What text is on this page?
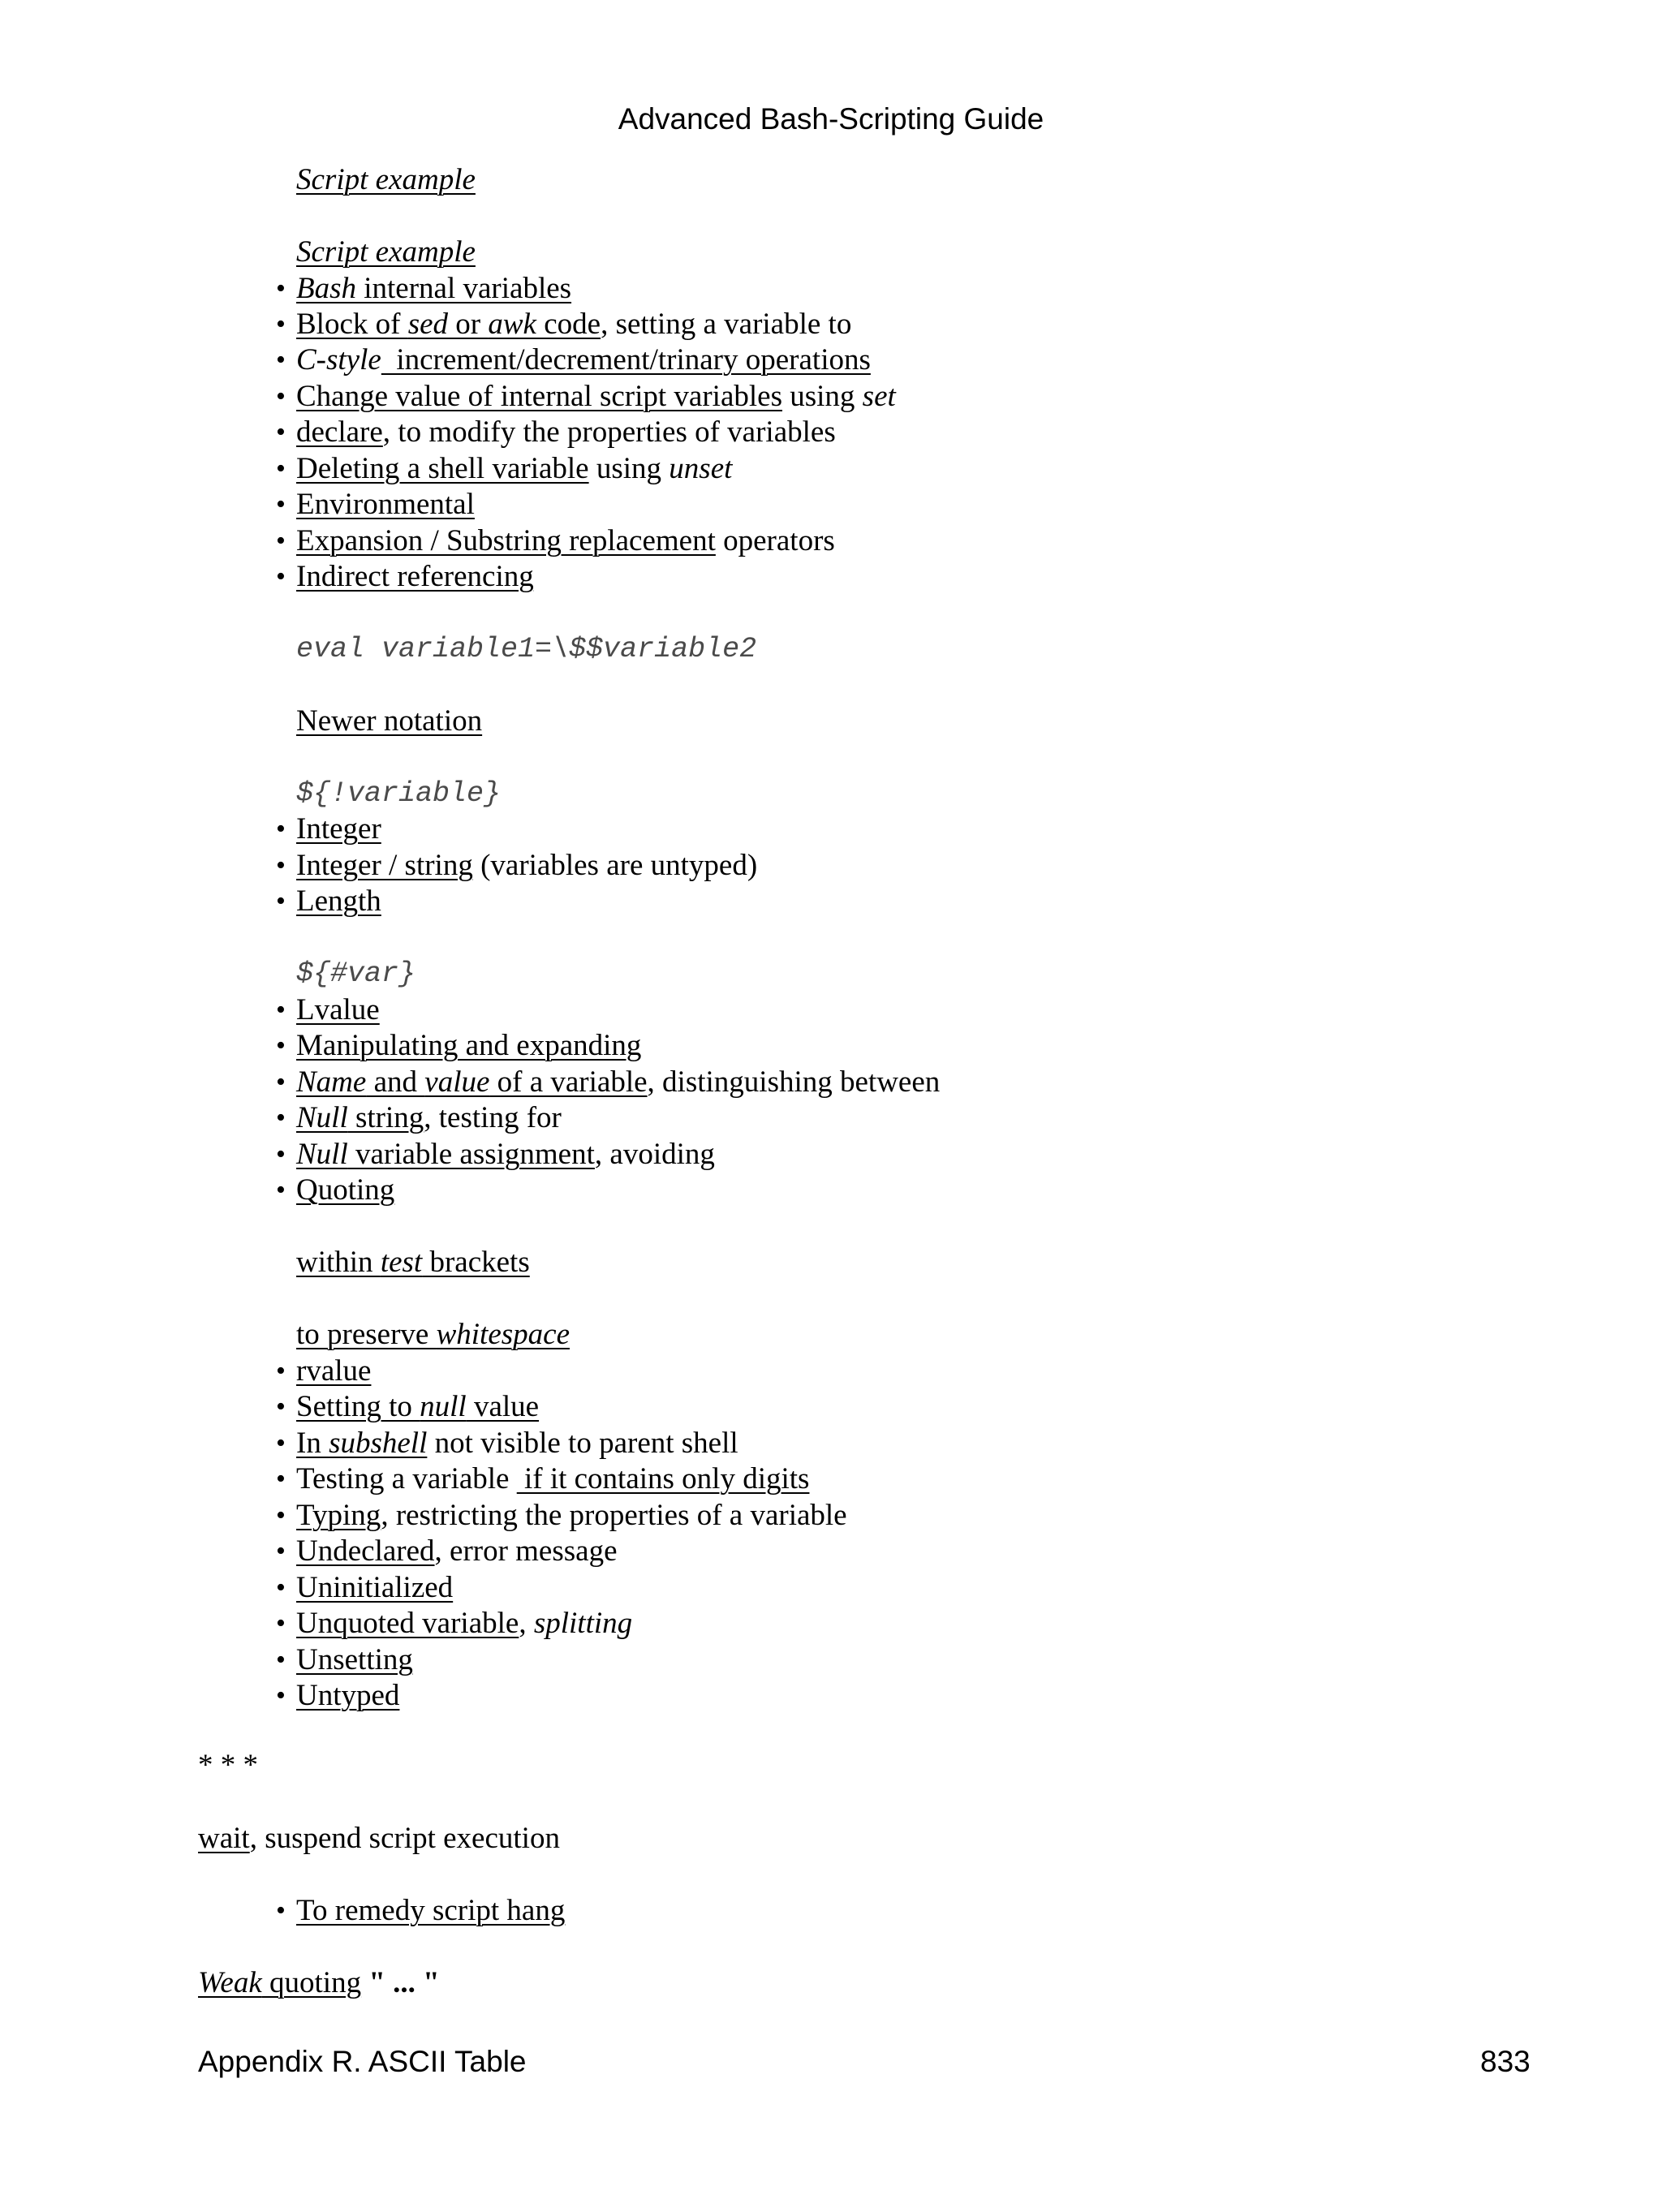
Advanced Bash-Scripting Guide
Script example
Script example
• Bash internal variables
• Block of sed or awk code, setting a variable to
• C-style  increment/decrement/trinary operations
• Change value of internal script variables using set
• declare, to modify the properties of variables
• Deleting a shell variable using unset
• Environmental
• Expansion / Substring replacement operators
• Indirect referencing
eval variable1=\$$variable2
Newer notation
${!variable}
• Integer
• Integer / string (variables are untyped)
• Length
${#var}
• Lvalue
• Manipulating and expanding
• Name and value of a variable, distinguishing between
• Null string, testing for
• Null variable assignment, avoiding
• Quoting
within test brackets
to preserve whitespace
• rvalue
• Setting to null value
• In subshell not visible to parent shell
• Testing a variable  if it contains only digits
• Typing, restricting the properties of a variable
• Undeclared, error message
• Uninitialized
• Unquoted variable, splitting
• Unsetting
• Untyped
* * *
wait, suspend script execution
• To remedy script hang
Weak quoting " ... "
Appendix R. ASCII Table	833
